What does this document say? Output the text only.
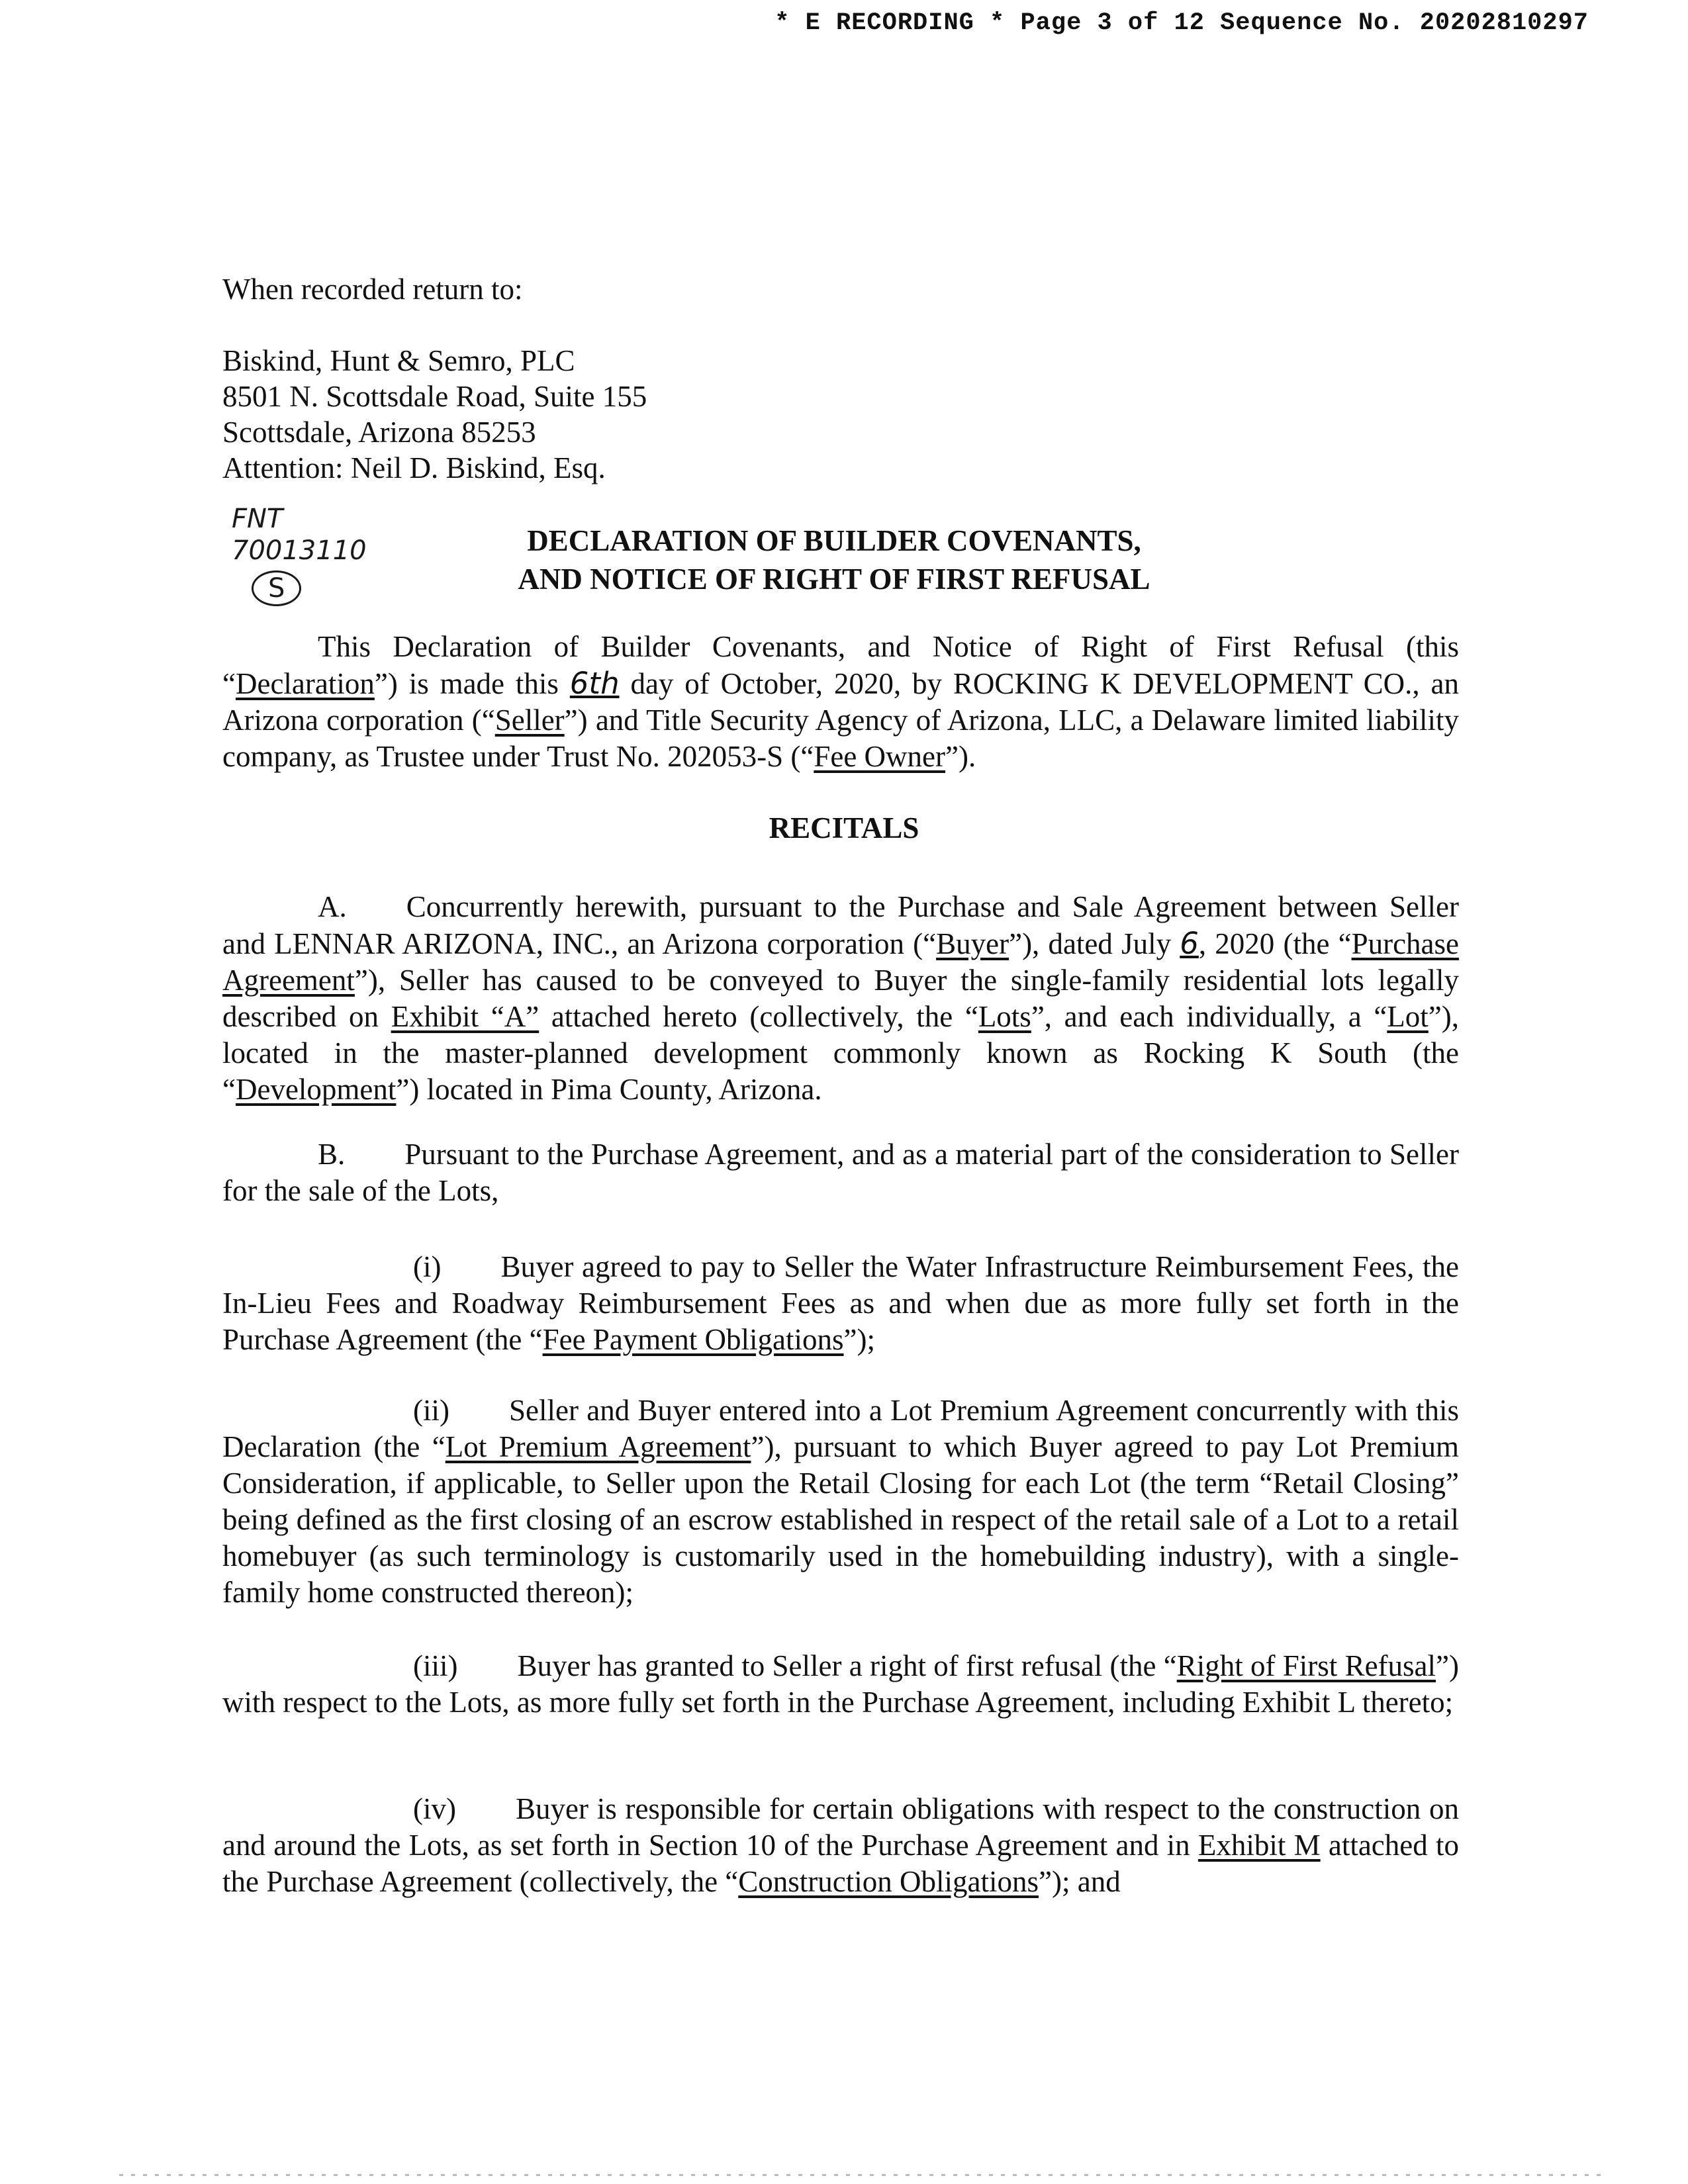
* E RECORDING * Page 3 of 12 Sequence No. 20202810297
When recorded return to:
Biskind, Hunt & Semro, PLC
8501 N. Scottsdale Road, Suite 155
Scottsdale, Arizona 85253
Attention: Neil D. Biskind, Esq.
FNT
70013110
S
DECLARATION OF BUILDER COVENANTS,
AND NOTICE OF RIGHT OF FIRST REFUSAL
This Declaration of Builder Covenants, and Notice of Right of First Refusal (this “Declaration”) is made this 6th day of October, 2020, by ROCKING K DEVELOPMENT CO., an Arizona corporation (“Seller”) and Title Security Agency of Arizona, LLC, a Delaware limited liability company, as Trustee under Trust No. 202053-S (“Fee Owner”).
RECITALS
A.  Concurrently herewith, pursuant to the Purchase and Sale Agreement between Seller and LENNAR ARIZONA, INC., an Arizona corporation (“Buyer”), dated July 6, 2020 (the “Purchase Agreement”), Seller has caused to be conveyed to Buyer the single-family residential lots legally described on Exhibit “A” attached hereto (collectively, the “Lots”, and each individually, a “Lot”), located in the master-planned development commonly known as Rocking K South (the “Development”) located in Pima County, Arizona.
B.  Pursuant to the Purchase Agreement, and as a material part of the consideration to Seller for the sale of the Lots,
(i)  Buyer agreed to pay to Seller the Water Infrastructure Reimbursement Fees, the In-Lieu Fees and Roadway Reimbursement Fees as and when due as more fully set forth in the Purchase Agreement (the “Fee Payment Obligations”);
(ii)  Seller and Buyer entered into a Lot Premium Agreement concurrently with this Declaration (the “Lot Premium Agreement”), pursuant to which Buyer agreed to pay Lot Premium Consideration, if applicable, to Seller upon the Retail Closing for each Lot (the term “Retail Closing” being defined as the first closing of an escrow established in respect of the retail sale of a Lot to a retail homebuyer (as such terminology is customarily used in the homebuilding industry), with a single-family home constructed thereon);
(iii)  Buyer has granted to Seller a right of first refusal (the “Right of First Refusal”) with respect to the Lots, as more fully set forth in the Purchase Agreement, including Exhibit L thereto;
(iv)  Buyer is responsible for certain obligations with respect to the construction on and around the Lots, as set forth in Section 10 of the Purchase Agreement and in Exhibit M attached to the Purchase Agreement (collectively, the “Construction Obligations”); and
